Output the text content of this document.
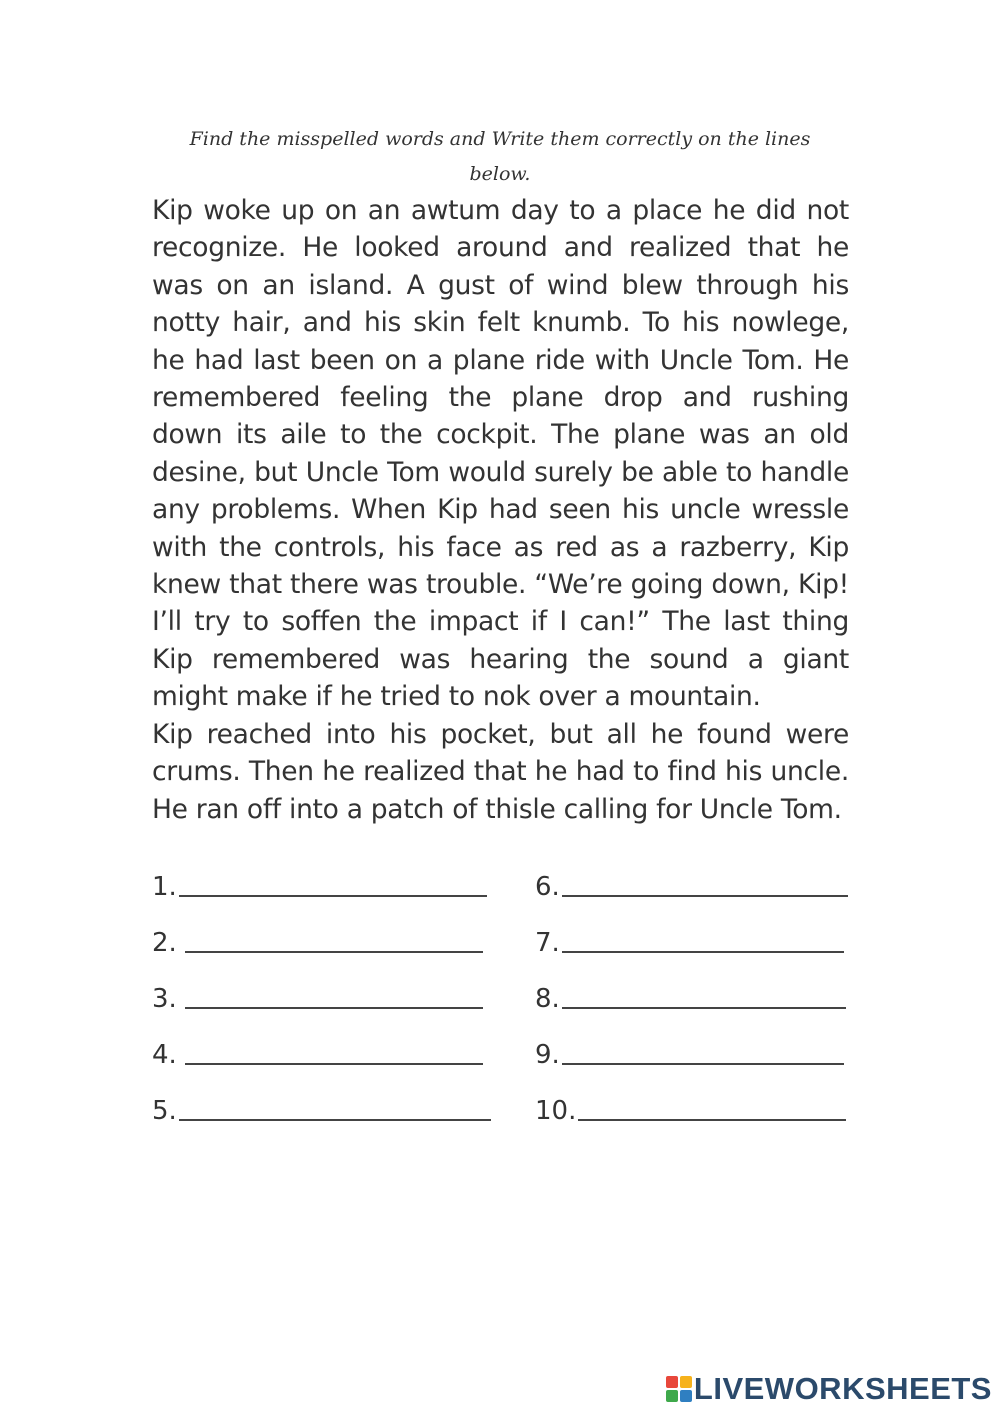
Find the misspelled words and Write them correctly on the lines below.

Kip woke up on an awtum day to a place he did not recognize. He looked around and realized that he was on an island. A gust of wind blew through his notty hair, and his skin felt knumb. To his nowlege, he had last been on a plane ride with Uncle Tom. He remembered feeling the plane drop and rushing down its aile to the cockpit. The plane was an old desine, but Uncle Tom would surely be able to handle any problems. When Kip had seen his uncle wressle with the controls, his face as red as a razberry, Kip knew that there was trouble. “We’re going down, Kip! I’ll try to soffen the impact if I can!” The last thing Kip remembered was hearing the sound a giant might make if he tried to nok over a mountain.

Kip reached into his pocket, but all he found were crums. Then he realized that he had to find his uncle. He ran off into a patch of thisle calling for Uncle Tom.

1.
2.
3.
4.
5.
6.
7.
8.
9.
10.
LIVEWORKSHEETS
